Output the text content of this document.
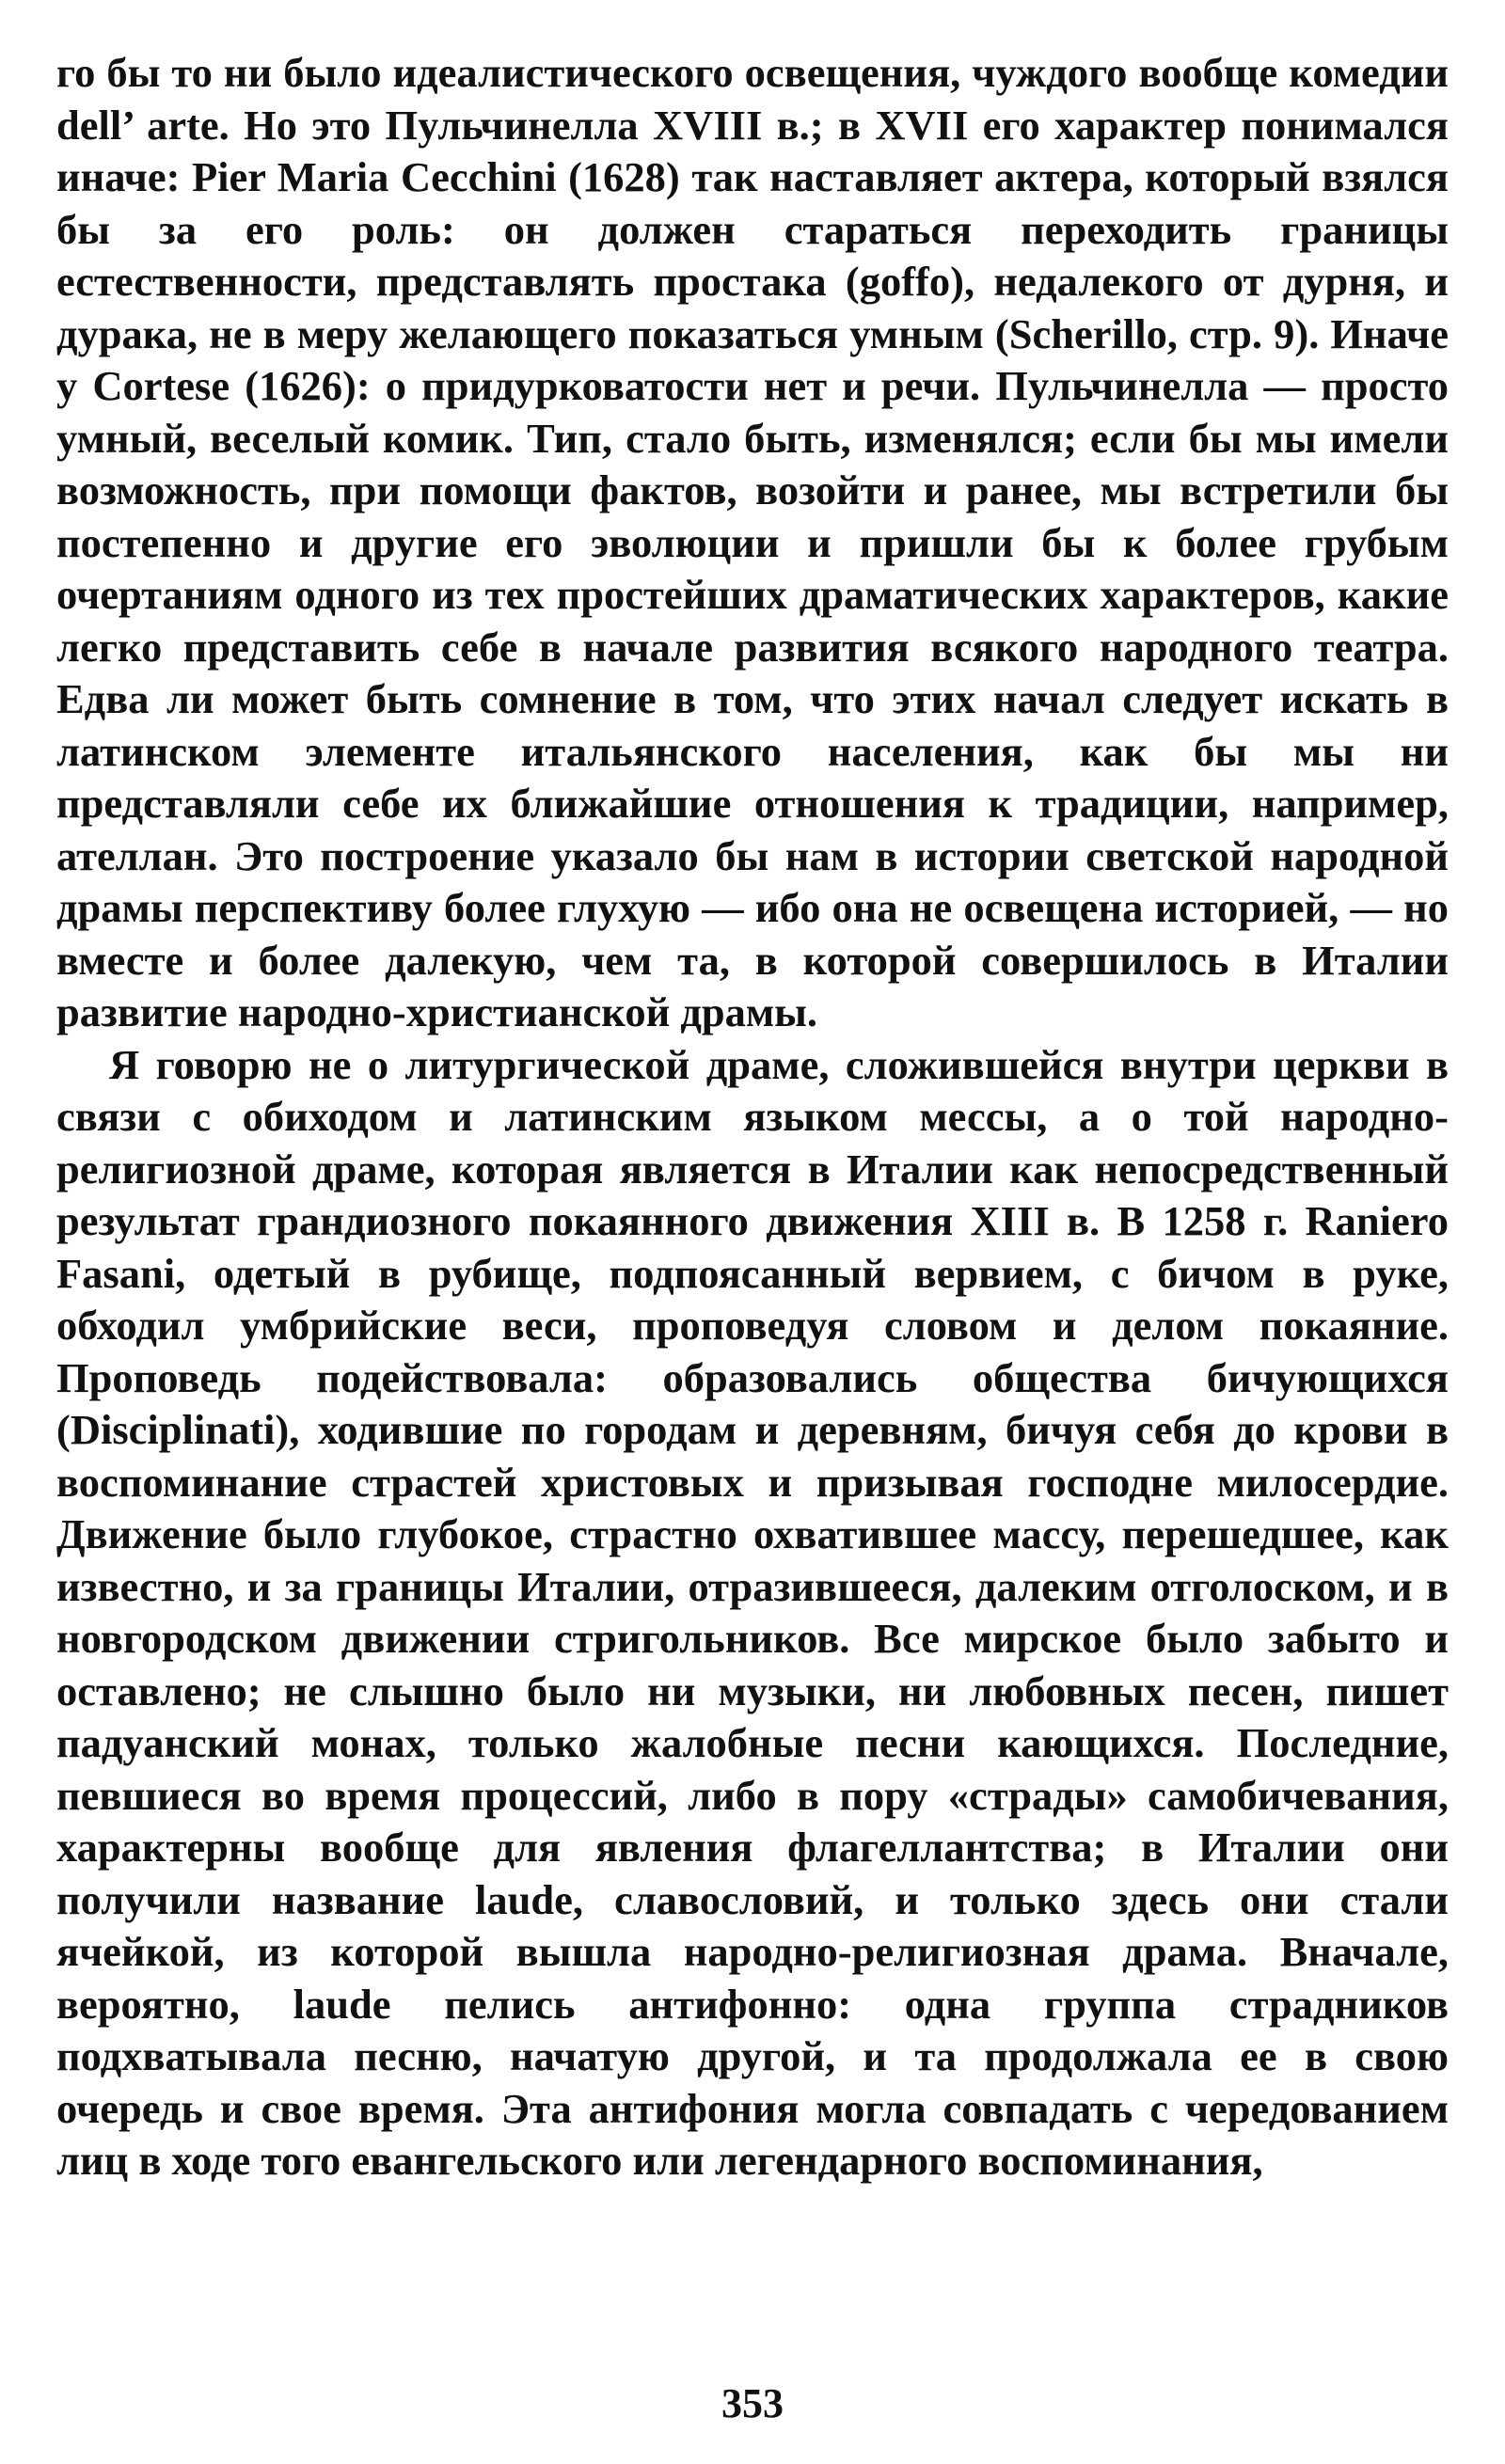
го бы то ни было идеалистического освещения, чуждого вообще комедии dell’ arte. Но это Пульчинелла XVIII в.; в XVII его характер понимался иначе: Pier Maria Cecchini (1628) так наставляет актера, который взялся бы за его роль: он должен стараться переходить границы естественности, представлять простака (goffo), недалекого от дурня, и дурака, не в меру желающего показаться умным (Scherillo, стр. 9). Иначе у Cortese (1626): о придурковатости нет и речи. Пульчинелла — просто умный, веселый комик. Тип, стало быть, изменялся; если бы мы имели возможность, при помощи фактов, возойти и ранее, мы встретили бы постепенно и другие его эволюции и пришли бы к более грубым очертаниям одного из тех простейших драматических характеров, какие легко представить себе в начале развития всякого народного театра. Едва ли может быть сомнение в том, что этих начал следует искать в латинском элементе итальянского населения, как бы мы ни представляли себе их ближайшие отношения к традиции, например, ателлан. Это построение указало бы нам в истории светской народной драмы перспективу более глухую — ибо она не освещена историей, — но вместе и более далекую, чем та, в которой совершилось в Италии развитие народно-христианской драмы.

Я говорю не о литургической драме, сложившейся внутри церкви в связи с обиходом и латинским языком мессы, а о той народно-религиозной драме, которая является в Италии как непосредственный результат грандиозного покаянного движения XIII в. В 1258 г. Raniero Fasani, одетый в рубище, подпоясанный вервием, с бичом в руке, обходил умбрийские веси, проповедуя словом и делом покаяние. Проповедь подействовала: образовались общества бичующихся (Disciplinati), ходившие по городам и деревням, бичуя себя до крови в воспоминание страстей христовых и призывая господне милосердие. Движение было глубокое, страстно охватившее массу, перешедшее, как известно, и за границы Италии, отразившееся, далеким отголоском, и в новгородском движении стригольников. Все мирское было забыто и оставлено; не слышно было ни музыки, ни любовных песен, пишет падуанский монах, только жалобные песни кающихся. Последние, певшиеся во время процессий, либо в пору «страды» самобичевания, характерны вообще для явления флагеллантства; в Италии они получили название laude, славословий, и только здесь они стали ячейкой, из которой вышла народно-религиозная драма. Вначале, вероятно, laude пелись антифонно: одна группа страдников подхватывала песню, начатую другой, и та продолжала ее в свою очередь и свое время. Эта антифония могла совпадать с чередованием лиц в ходе того евангельского или легендарного воспоминания,

353
